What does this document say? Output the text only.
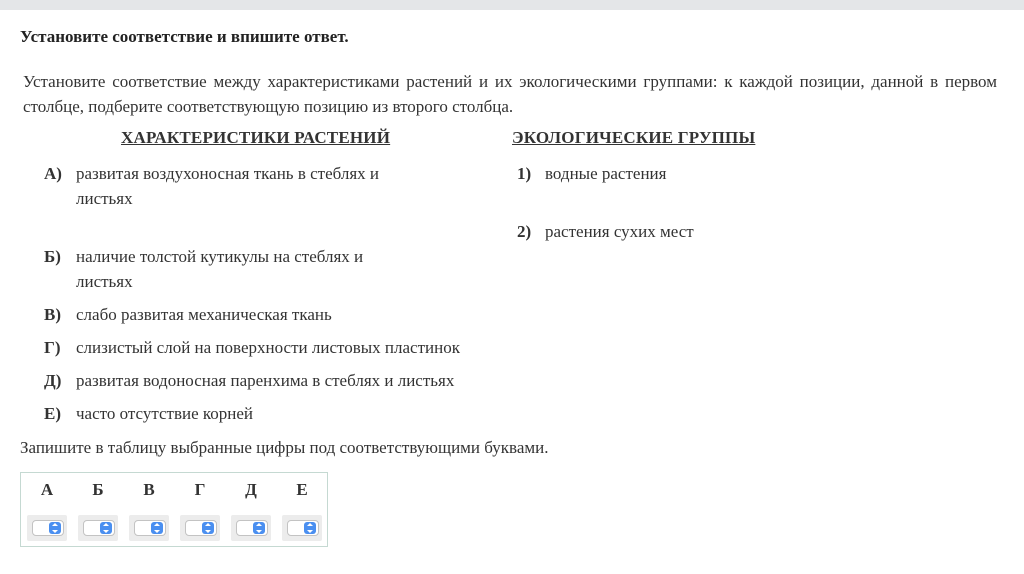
Установите соответствие и впишите ответ.
Установите соответствие между характеристиками растений и их экологическими группами: к каждой позиции, данной в первом столбце, подберите соответствующую позицию из второго столбца.
ХАРАКТЕРИСТИКИ РАСТЕНИЙ	ЭКОЛОГИЧЕСКИЕ ГРУППЫ
А) развитая воздухоносная ткань в стеблях и листьях
Б) наличие толстой кутикулы на стеблях и листьях
В) слабо развитая механическая ткань
Г) слизистый слой на поверхности листовых пластинок
Д) развитая водоносная паренхима в стеблях и листьях
Е) часто отсутствие корней
1) водные растения
2) растения сухих мест
Запишите в таблицу выбранные цифры под соответствующими буквами.
А	Б	В	Г	Д	Е
